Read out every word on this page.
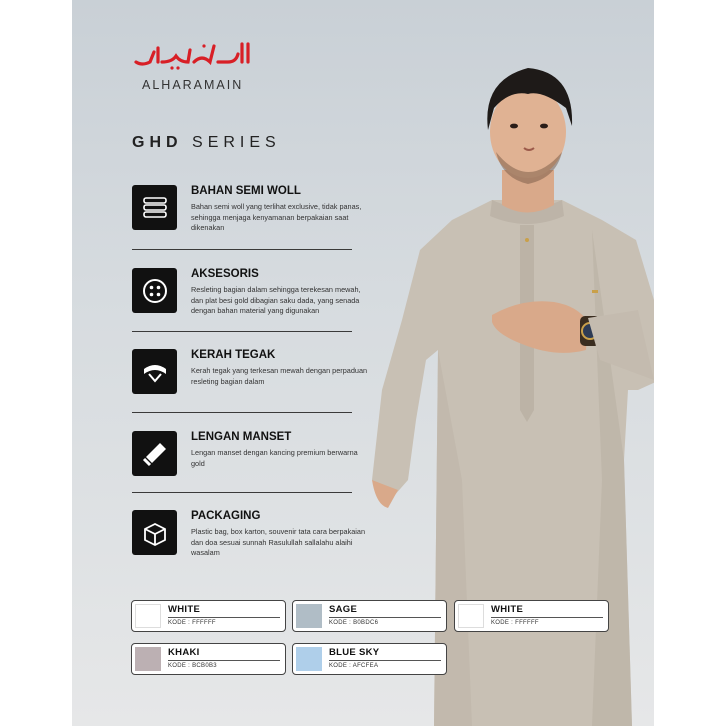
ALHARAMAIN
GHD SERIES
BAHAN SEMI WOLL
Bahan semi woll yang terlihat exclusive, tidak panas, sehingga menjaga kenyamanan berpakaian saat dikenakan
AKSESORIS
Resleting bagian dalam sehingga terekesan mewah, dan plat besi gold dibagian saku dada, yang senada dengan bahan material yang digunakan
KERAH TEGAK
Kerah tegak yang terkesan mewah dengan perpaduan resleting bagian dalam
LENGAN MANSET
Lengan manset dengan kancing premium berwarna gold
PACKAGING
Plastic bag, box karton, souvenir tata cara berpakaian dan doa sesuai sunnah Rasulullah sallalahu alaihi wasalam
WHITE
KODE : FFFFFF
SAGE
KODE : B0BDC6
WHITE
KODE : FFFFFF
KHAKI
KODE : BCB0B3
BLUE SKY
KODE : AFCFEA
